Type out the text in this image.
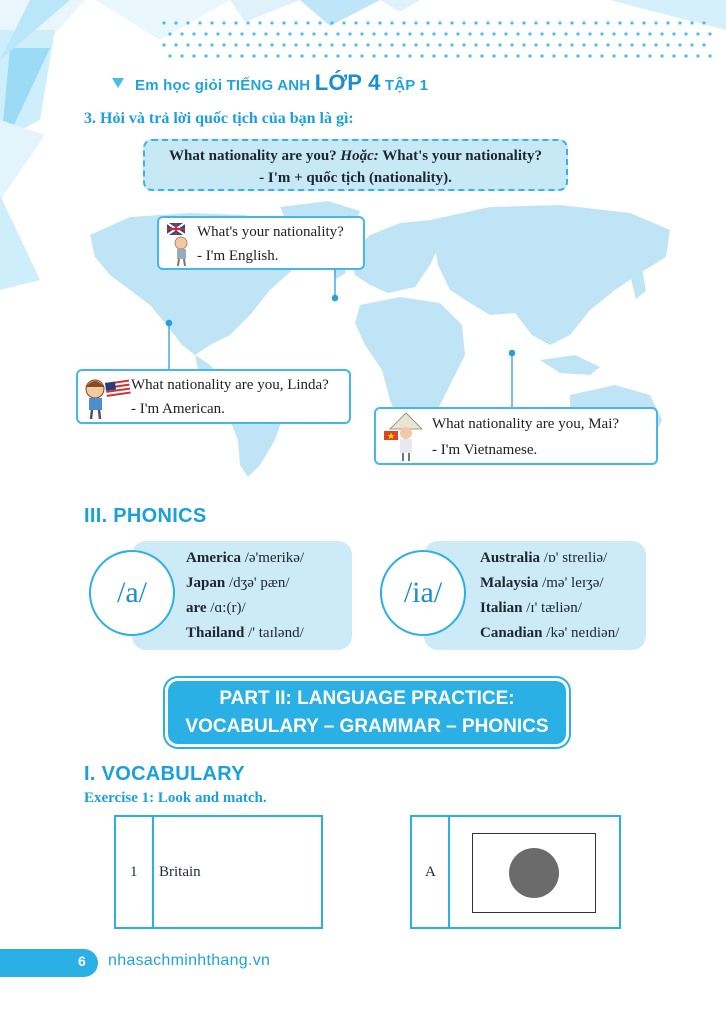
Em học giỏi TIẾNG ANH LỚP 4 TẬP 1
3. Hỏi và trả lời quốc tịch của bạn là gì:
What nationality are you? Hoặc: What's your nationality?
- I'm + quốc tịch (nationality).
What's your nationality?
- I'm English.
What nationality are you, Linda?
- I'm American.
What nationality are you, Mai?
- I'm Vietnamese.
III. PHONICS
/a/
America /ə'merikə/
Japan /dʒə' pæn/
are /ɑ:(r)/
Thailand /' taɪlənd/
/ia/
Australia /ɒ' streɪliə/
Malaysia /mə' leɪʒə/
Italian /ɪ' tæliən/
Canadian /kə' neɪdiən/
PART II: LANGUAGE PRACTICE:
VOCABULARY – GRAMMAR – PHONICS
I. VOCABULARY
Exercise 1: Look and match.
1 Britain	A
6 nhasachminhthang.vn
